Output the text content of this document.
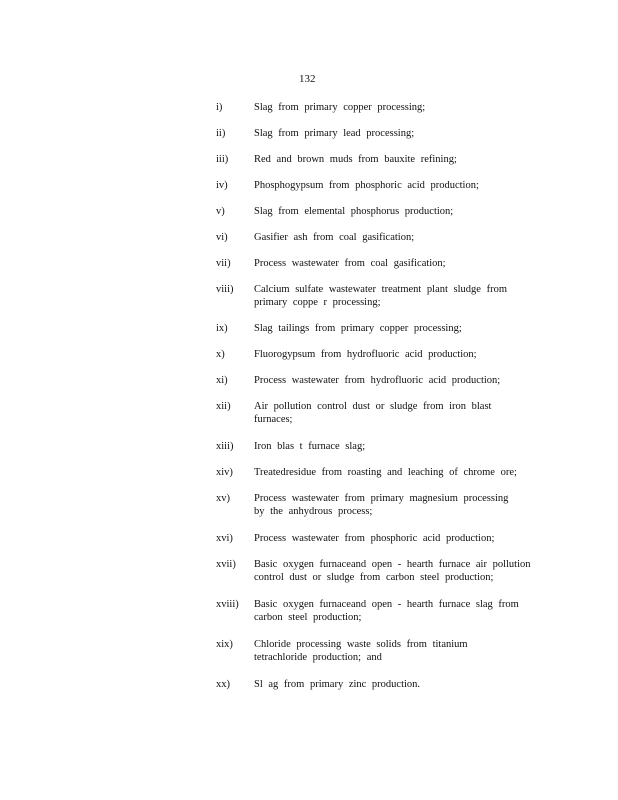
132
i)	Slag from primary copper processing;
ii)	Slag from primary lead processing;
iii)	Red and brown muds from bauxite refining;
iv)	Phosphogypsum from phosphoric acid production;
v)	Slag from elemental phosphorus production;
vi)	Gasifier ash from coal gasification;
vii)	Process wastewater from coal gasification;
viii)	Calcium sulfate wastewater treatment plant sludge from
primary coppe r processing;
ix)	Slag tailings from primary copper processing;
x)	Fluorogypsum from hydrofluoric acid production;
xi)	Process wastewater from hydrofluoric acid production;
xii)	Air pollution control dust or sludge from iron blast
furnaces;
xiii)	Iron blas t furnace slag;
xiv)	Treatedresidue from roasting and leaching of chrome ore;
xv)	Process wastewater from primary magnesium processing
by the anhydrous process;
xvi)	Process wastewater from phosphoric acid production;
xvii)	Basic oxygen furnaceand open - hearth furnace air pollution
control dust or sludge from carbon steel production;
xviii)	Basic oxygen furnaceand open - hearth furnace slag from
carbon steel production;
xix)	Chloride processing waste solids from titanium
tetrachloride production; and
xx)	Sl ag from primary zinc production.
